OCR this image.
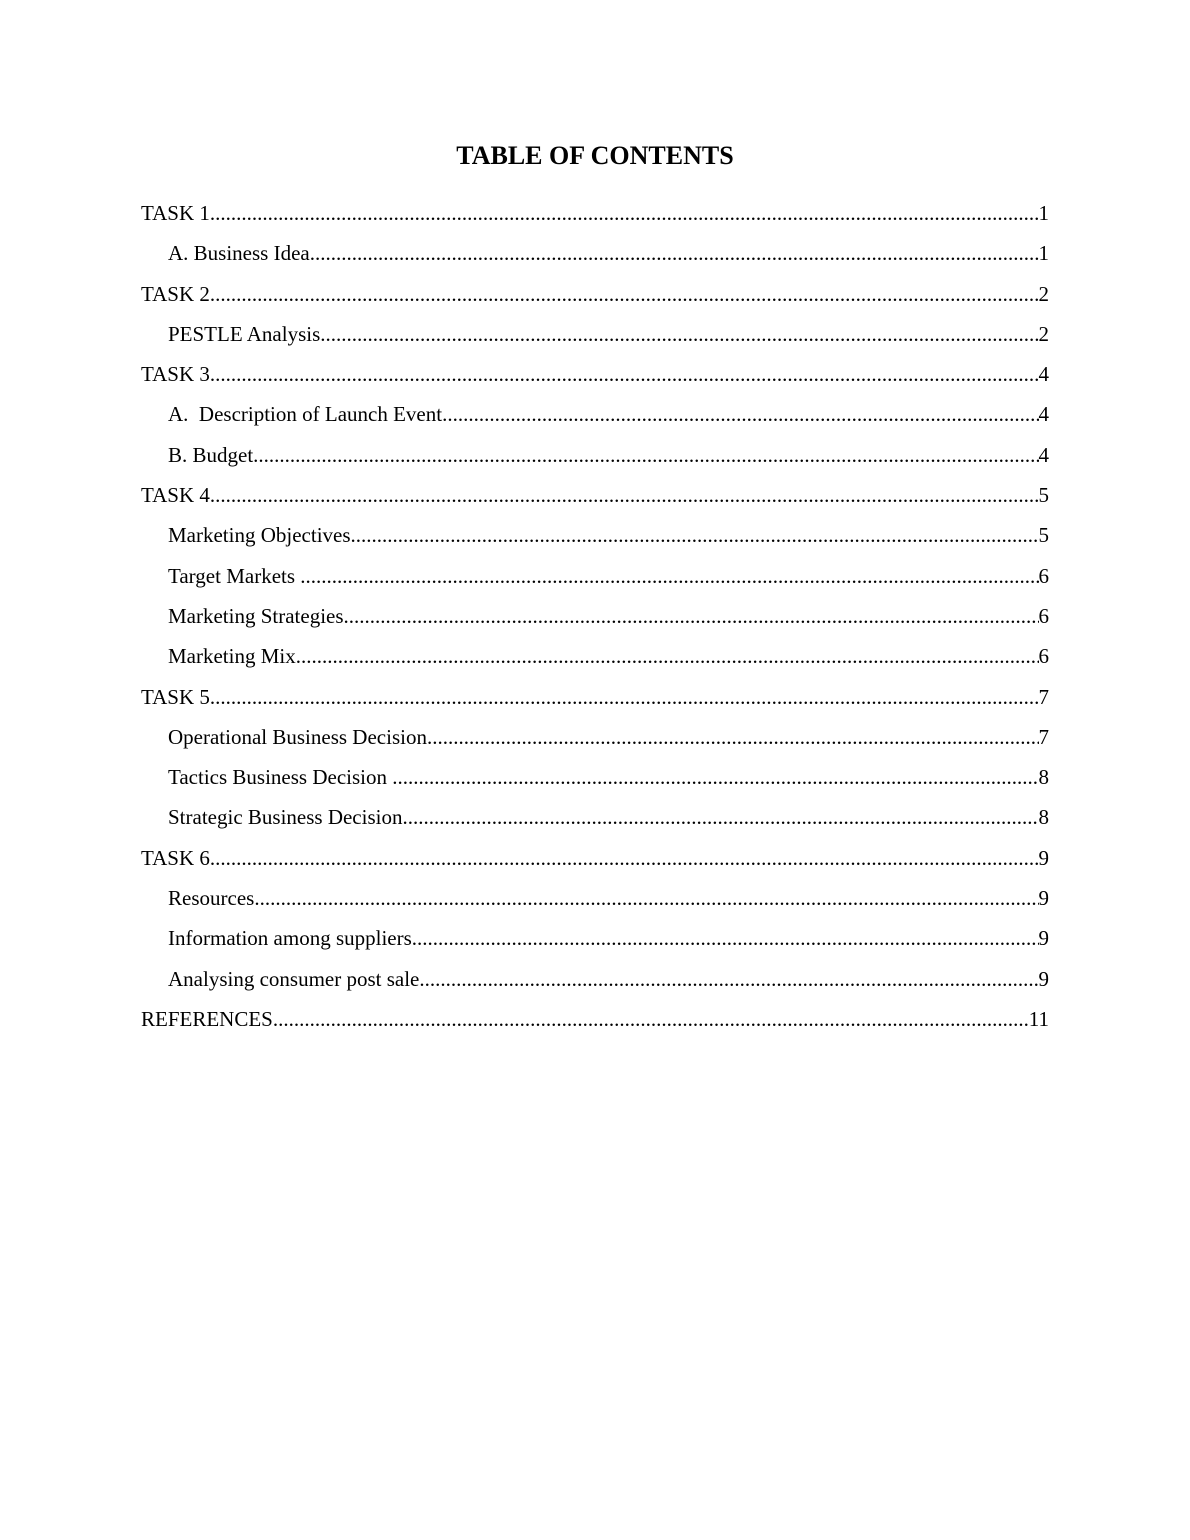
TABLE OF CONTENTS
TASK 1 .....	1
A. Business Idea .....	1
TASK 2 .....	2
PESTLE Analysis .....	2
TASK 3 .....	4
A.  Description of Launch Event .....	4
B. Budget .....	4
TASK 4 .....	5
Marketing Objectives .....	5
Target Markets .....	6
Marketing Strategies .....	6
Marketing Mix .....	6
TASK 5 .....	7
Operational Business Decision .....	7
Tactics Business Decision .....	8
Strategic Business Decision .....	8
TASK 6 .....	9
Resources .....	9
Information among suppliers .....	9
Analysing consumer post sale .....	9
REFERENCES .....	11
